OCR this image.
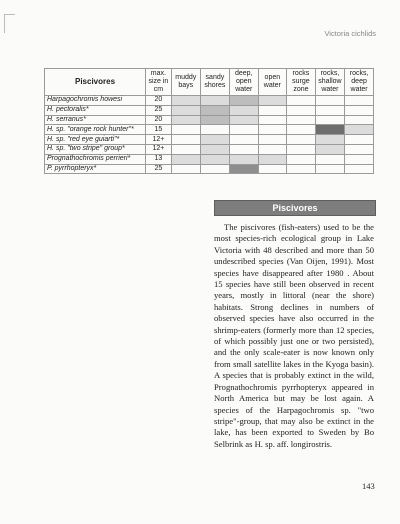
Victoria cichlids
Piscivores	max. size in cm	muddy bays	sandy shores	deep, open water	open water	rocks surge zone	rocks, shallow water	rocks, deep water
Harpagochromis howesi	20							
H. pectoralis*	25							
H. serranus*	20							
H. sp. "orange rock hunter"*	15							
H. sp. "red eye guiarti"*	12+							
H. sp. "two stripe" group*	12+							
Prognathochromis perrieri*	13							
P. pyrrhopteryx*	25							
Piscivores

The piscivores (fish-eaters) used to be the most species-rich ecological group in Lake Victoria with 48 described and more than 50 undescribed species (Van Oijen, 1991). Most species have disappeared after 1980 . About 15 species have still been observed in recent years, mostly in littoral (near the shore) habitats. Strong declines in numbers of observed species have also occurred in the shrimp-eaters (formerly more than 12 species, of which possibly just one or two persisted), and the only scale-eater is now known only from small satellite lakes in the Kyoga basin). A species that is probably extinct in the wild, Prognathochromis pyrrhopteryx appeared in North America but may be lost again. A species of the Harpagochromis sp. "two stripe"-group, that may also be extinct in the lake, has been exported to Sweden by Bo Selbrink as H. sp. aff. longirostris.

143
